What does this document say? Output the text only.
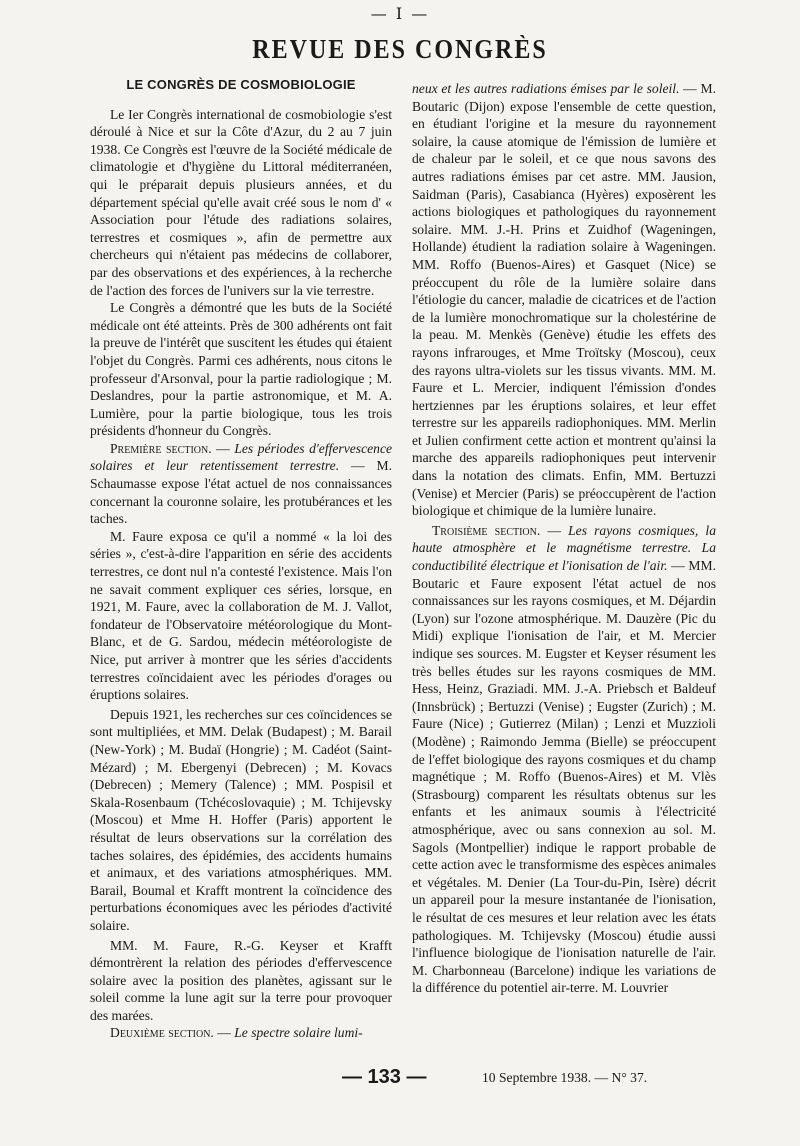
— I —
REVUE DES CONGRÈS
LE CONGRÈS DE COSMOBIOLOGIE

Le Ier Congrès international de cosmobiologie s'est déroulé à Nice et sur la Côte d'Azur, du 2 au 7 juin 1938. Ce Congrès est l'œuvre de la Société médicale de climatologie et d'hygiène du Littoral méditerranéen, qui le préparait depuis plusieurs années, et du département spécial qu'elle avait créé sous le nom d' « Association pour l'étude des radiations solaires, terrestres et cosmiques », afin de permettre aux chercheurs qui n'étaient pas médecins de collaborer, par des observations et des expériences, à la recherche de l'action des forces de l'univers sur la vie terrestre.

Le Congrès a démontré que les buts de la Société médicale ont été atteints. Près de 300 adhérents ont fait la preuve de l'intérêt que suscitent les études qui étaient l'objet du Congrès. Parmi ces adhérents, nous citons le professeur d'Arsonval, pour la partie radiologique ; M. Deslandres, pour la partie astronomique, et M. A. Lumière, pour la partie biologique, tous les trois présidents d'honneur du Congrès.

Première section. — Les périodes d'effervescence solaires et leur retentissement terrestre. — M. Schaumasse expose l'état actuel de nos connaissances concernant la couronne solaire, les protubérances et les taches.

M. Faure exposa ce qu'il a nommé « la loi des séries », c'est-à-dire l'apparition en série des accidents terrestres, ce dont nul n'a contesté l'existence. Mais l'on ne savait comment expliquer ces séries, lorsque, en 1921, M. Faure, avec la collaboration de M. J. Vallot, fondateur de l'Observatoire météorologique du Mont-Blanc, et de G. Sardou, médecin météorologiste de Nice, put arriver à montrer que les séries d'accidents terrestres coïncidaient avec les périodes d'orages ou éruptions solaires.

Depuis 1921, les recherches sur ces coïncidences se sont multipliées, et MM. Delak (Budapest) ; M. Barail (New-York) ; M. Budaï (Hongrie) ; M. Cadéot (Saint-Mézard) ; M. Ebergenyi (Debrecen) ; M. Kovacs (Debrecen) ; Memery (Talence) ; MM. Pospisil et Skala-Rosenbaum (Tchécoslovaquie) ; M. Tchijevsky (Moscou) et Mme H. Hoffer (Paris) apportent le résultat de leurs observations sur la corrélation des taches solaires, des épidémies, des accidents humains et animaux, et des variations atmosphériques. MM. Barail, Boumal et Krafft montrent la coïncidence des perturbations économiques avec les périodes d'activité solaire.

MM. M. Faure, R.-G. Keyser et Krafft démontrèrent la relation des périodes d'effervescence solaire avec la position des planètes, agissant sur le soleil comme la lune agit sur la terre pour provoquer des marées.

Deuxième section. — Le spectre solaire lumi-

neux et les autres radiations émises par le soleil. — M. Boutaric (Dijon) expose l'ensemble de cette question, en étudiant l'origine et la mesure du rayonnement solaire, la cause atomique de l'émission de lumière et de chaleur par le soleil, et ce que nous savons des autres radiations émises par cet astre. MM. Jausion, Saidman (Paris), Casabianca (Hyères) exposèrent les actions biologiques et pathologiques du rayonnement solaire. MM. J.-H. Prins et Zuidhof (Wageningen, Hollande) étudient la radiation solaire à Wageningen. MM. Roffo (Buenos-Aires) et Gasquet (Nice) se préoccupent du rôle de la lumière solaire dans l'étiologie du cancer, maladie de cicatrices et de l'action de la lumière monochromatique sur la cholestérine de la peau. M. Menkès (Genève) étudie les effets des rayons infrarouges, et Mme Troïtsky (Moscou), ceux des rayons ultra-violets sur les tissus vivants. MM. M. Faure et L. Mercier, indiquent l'émission d'ondes hertziennes par les éruptions solaires, et leur effet terrestre sur les appareils radiophoniques. MM. Merlin et Julien confirment cette action et montrent qu'ainsi la marche des appareils radiophoniques peut intervenir dans la notation des climats. Enfin, MM. Bertuzzi (Venise) et Mercier (Paris) se préoccupèrent de l'action biologique et chimique de la lumière lunaire.

Troisième section. — Les rayons cosmiques, la haute atmosphère et le magnétisme terrestre. La conductibilité électrique et l'ionisation de l'air. — MM. Boutaric et Faure exposent l'état actuel de nos connaissances sur les rayons cosmiques, et M. Déjardin (Lyon) sur l'ozone atmosphérique. M. Dauzère (Pic du Midi) explique l'ionisation de l'air, et M. Mercier indique ses sources. M. Eugster et Keyser résument les très belles études sur les rayons cosmiques de MM. Hess, Heinz, Graziadi. MM. J.-A. Priebsch et Baldeuf (Innsbrück) ; Bertuzzi (Venise) ; Eugster (Zurich) ; M. Faure (Nice) ; Gutierrez (Milan) ; Lenzi et Muzzioli (Modène) ; Raimondo Jemma (Bielle) se préoccupent de l'effet biologique des rayons cosmiques et du champ magnétique ; M. Roffo (Buenos-Aires) et M. Vlès (Strasbourg) comparent les résultats obtenus sur les enfants et les animaux soumis à l'électricité atmosphérique, avec ou sans connexion au sol. M. Sagols (Montpellier) indique le rapport probable de cette action avec le transformisme des espèces animales et végétales. M. Denier (La Tour-du-Pin, Isère) décrit un appareil pour la mesure instantanée de l'ionisation, le résultat de ces mesures et leur relation avec les états pathologiques. M. Tchijevsky (Moscou) étudie aussi l'influence biologique de l'ionisation naturelle de l'air. M. Charbonneau (Barcelone) indique les variations de la différence du potentiel air-terre. M. Louvrier

— 133 —	10 Septembre 1938. — N° 37.
